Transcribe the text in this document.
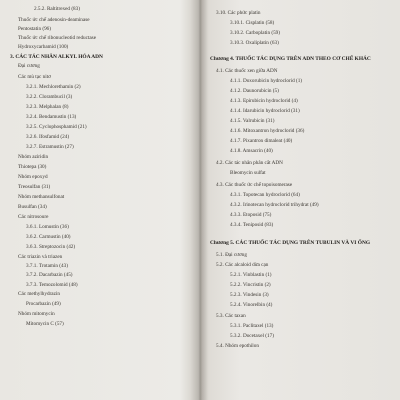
2.5.2. Raltitrexed (83)
Thuốc ức chế adenosin-deaminase
Pentostatin (96)
Thuốc ức chế ribonucleotid reductase
Hydroxycarbamid (100)
3. CÁC TÁC NHÂN ALKYL HÓA ADN
Đại cương
Các mù tạc nitơ
3.2.1. Mechlorethamin (2)
3.2.2. Clorambucil (3)
3.2.3. Melphalan (8)
3.2.4. Bendamustin (13)
3.2.5. Cyclophosphamid (21)
3.2.6. Ifosfamid (24)
3.2.7. Estramustin (27)
Nhóm aziridin
Thiotepa (30)
Nhóm epoxyd
Treosulfan (31)
Nhóm methansulfonat
Busulfan (34)
Các nitrosoure
3.6.1. Lomustin (36)
3.6.2. Carmustin (40)
3.6.3. Streptozocin (42)
Các triazin và triazen
3.7.1. Trotamin (43)
3.7.2. Dacarbazin (45)
3.7.3. Temozolomid (48)
Các methylhydrazin
Procarbazin (49)
Nhóm mitomycin
Mitomycin C (57)
3.10. Các phức platin
3.10.1. Cisplatin (58)
3.10.2. Carboplatin (59)
3.10.3. Oxaliplatin (63)
Chương 4. THUỐC TÁC DỤNG TRÊN ADN THEO CƠ CHẾ KHÁC
4.1. Các thuốc xen giữa ADN
4.1.1. Doxorubicin hydroclorid (1)
4.1.2. Daunorubicin (5)
4.1.3. Epirubicin hydroclorid (4)
4.1.4. Idarubicin hydroclorid (31)
4.1.5. Valrubicin (31)
4.1.6. Mitoxantron hydroclorid (36)
4.1.7. Pixantron dimaleat (40)
4.1.8. Amsacrin (40)
4.2. Các tác nhân phân cắt ADN
Bleomycin sulfat
4.3. Các thuốc ức chế topoisomerase
4.3.1. Topotecan hydroclorid (64)
4.3.2. Irinotecan hydroclorid trihydrat (49)
4.3.3. Etoposid (75)
4.3.4. Teniposid (83)
Chương 5. CÁC THUỐC TÁC DỤNG TRÊN TUBULIN VÀ VI ỐNG
5.1. Đại cương
5.2. Các alcaloid dừa cạn
5.2.1. Vinblastin (1)
5.2.2. Vincristin (2)
5.2.3. Vindesin (3)
5.2.4. Vinorelbin (4)
5.3. Các taxan
5.3.1. Paclitaxel (13)
5.3.2. Docetaxel (17)
5.4. Nhóm epothilon
